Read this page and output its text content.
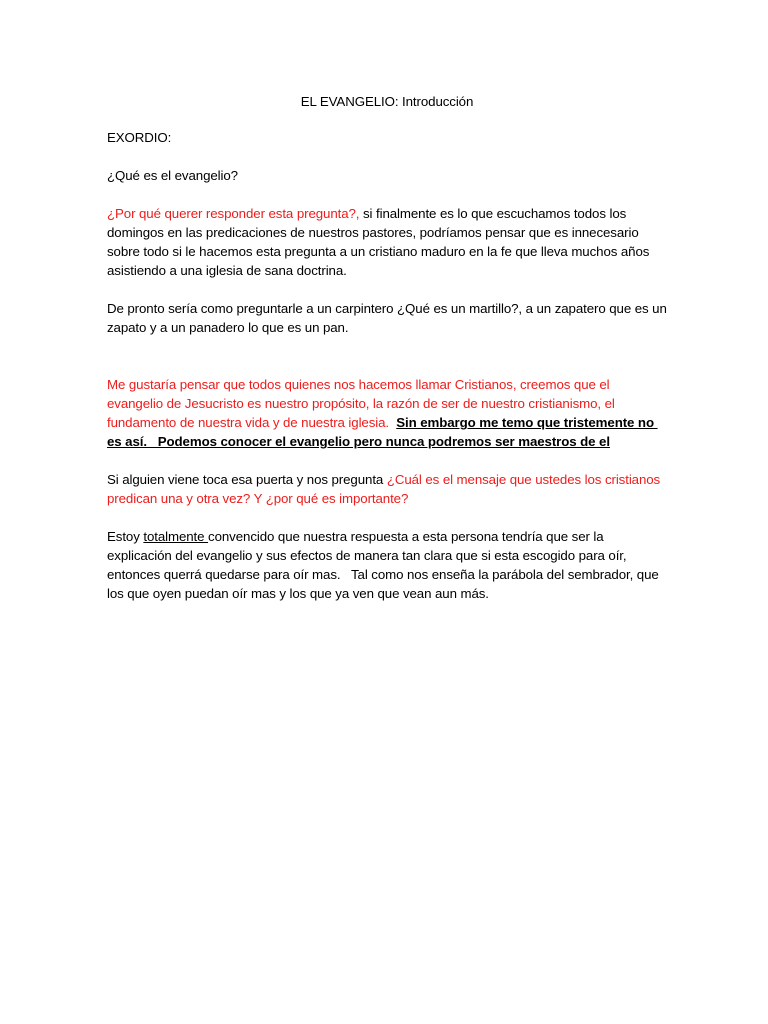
EL EVANGELIO: Introducción

EXORDIO:

¿Qué es el evangelio?

¿Por qué querer responder esta pregunta?, si finalmente es lo que escuchamos todos los domingos en las predicaciones de nuestros pastores, podríamos pensar que es innecesario sobre todo si le hacemos esta pregunta a un cristiano maduro en la fe que lleva muchos años asistiendo a una iglesia de sana doctrina.

De pronto sería como preguntarle a un carpintero ¿Qué es un martillo?, a un zapatero que es un zapato y a un panadero lo que es un pan.

Me gustaría pensar que todos quienes nos hacemos llamar Cristianos, creemos que el evangelio de Jesucristo es nuestro propósito, la razón de ser de nuestro cristianismo, el fundamento de nuestra vida y de nuestra iglesia. Sin embargo me temo que tristemente no es así.   Podemos conocer el evangelio pero nunca podremos ser maestros de el

Si alguien viene toca esa puerta y nos pregunta ¿Cuál es el mensaje que ustedes los cristianos predican una y otra vez? Y ¿por qué es importante?

Estoy totalmente convencido que nuestra respuesta a esta persona tendría que ser la explicación del evangelio y sus efectos de manera tan clara que si esta escogido para oír, entonces querrá quedarse para oír mas.   Tal como nos enseña la parábola del sembrador, que los que oyen puedan oír mas y los que ya ven que vean aun más.
